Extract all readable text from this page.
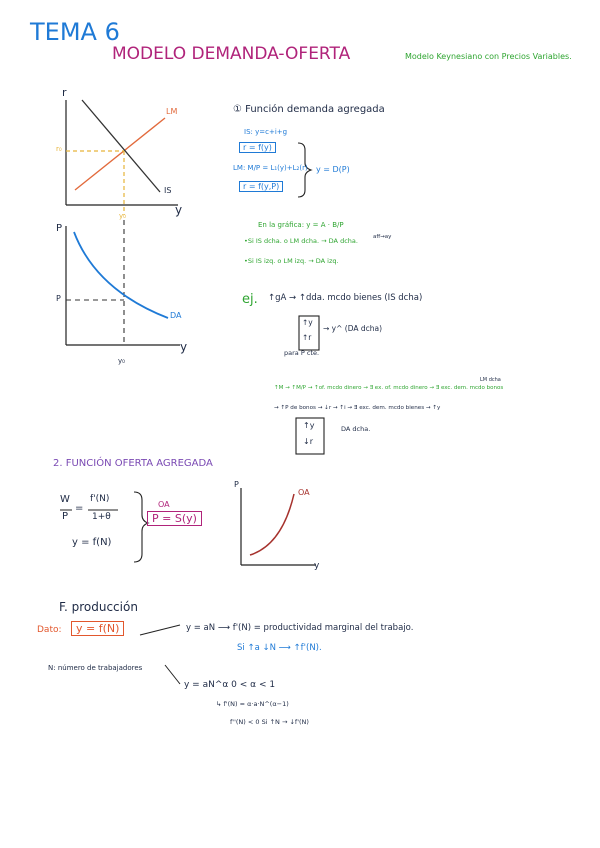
TEMA 6
MODELO DEMANDA-OFERTA	Modelo Keynesiano con Precios Variables.
r
y
LM
IS
r₀
y₀
P
y
P
DA
y₀
① Función demanda agregada
IS: y=c+i+g
r = f(y)
LM: M/P = L₁(y)+L₂(r)
r = f(y,P)
y = D(P)
En la gráfica: y = A · B/P
•Si IS dcha. o LM dcha. → DA dcha.	aff→ay
•Si IS izq. o LM izq. → DA izq.
ej. ↑gA → ↑dda. mcdo bienes (IS dcha)
↑y
↑r
→ y^ (DA dcha)
para P cte.
LM dcha
↑M → ↑M/P → ↑of. mcdo dinero → ∃ ex. of. mcdo dinero → ∃ exc. dem. mcdo bonos
→ ↑P de bonos → ↓r → ↑i → ∃ exc. dem. mcdo bienes → ↑y
↑y
↓r
DA dcha.
2. FUNCIÓN OFERTA AGREGADA
W
P
=
f'(N)
1+θ
y = f(N)
OA
P = S(y)
P
y
OA
F. producción
Dato:	y = f(N)
N: número de trabajadores
y = aN ⟶ f'(N) = productividad marginal del trabajo.
Si ↑a ↓N ⟶ ↑f'(N).
y = aN^α 0 < α < 1
↳ f'(N) = α·a·N^(α−1)
f''(N) < 0 Si ↑N → ↓f'(N)
